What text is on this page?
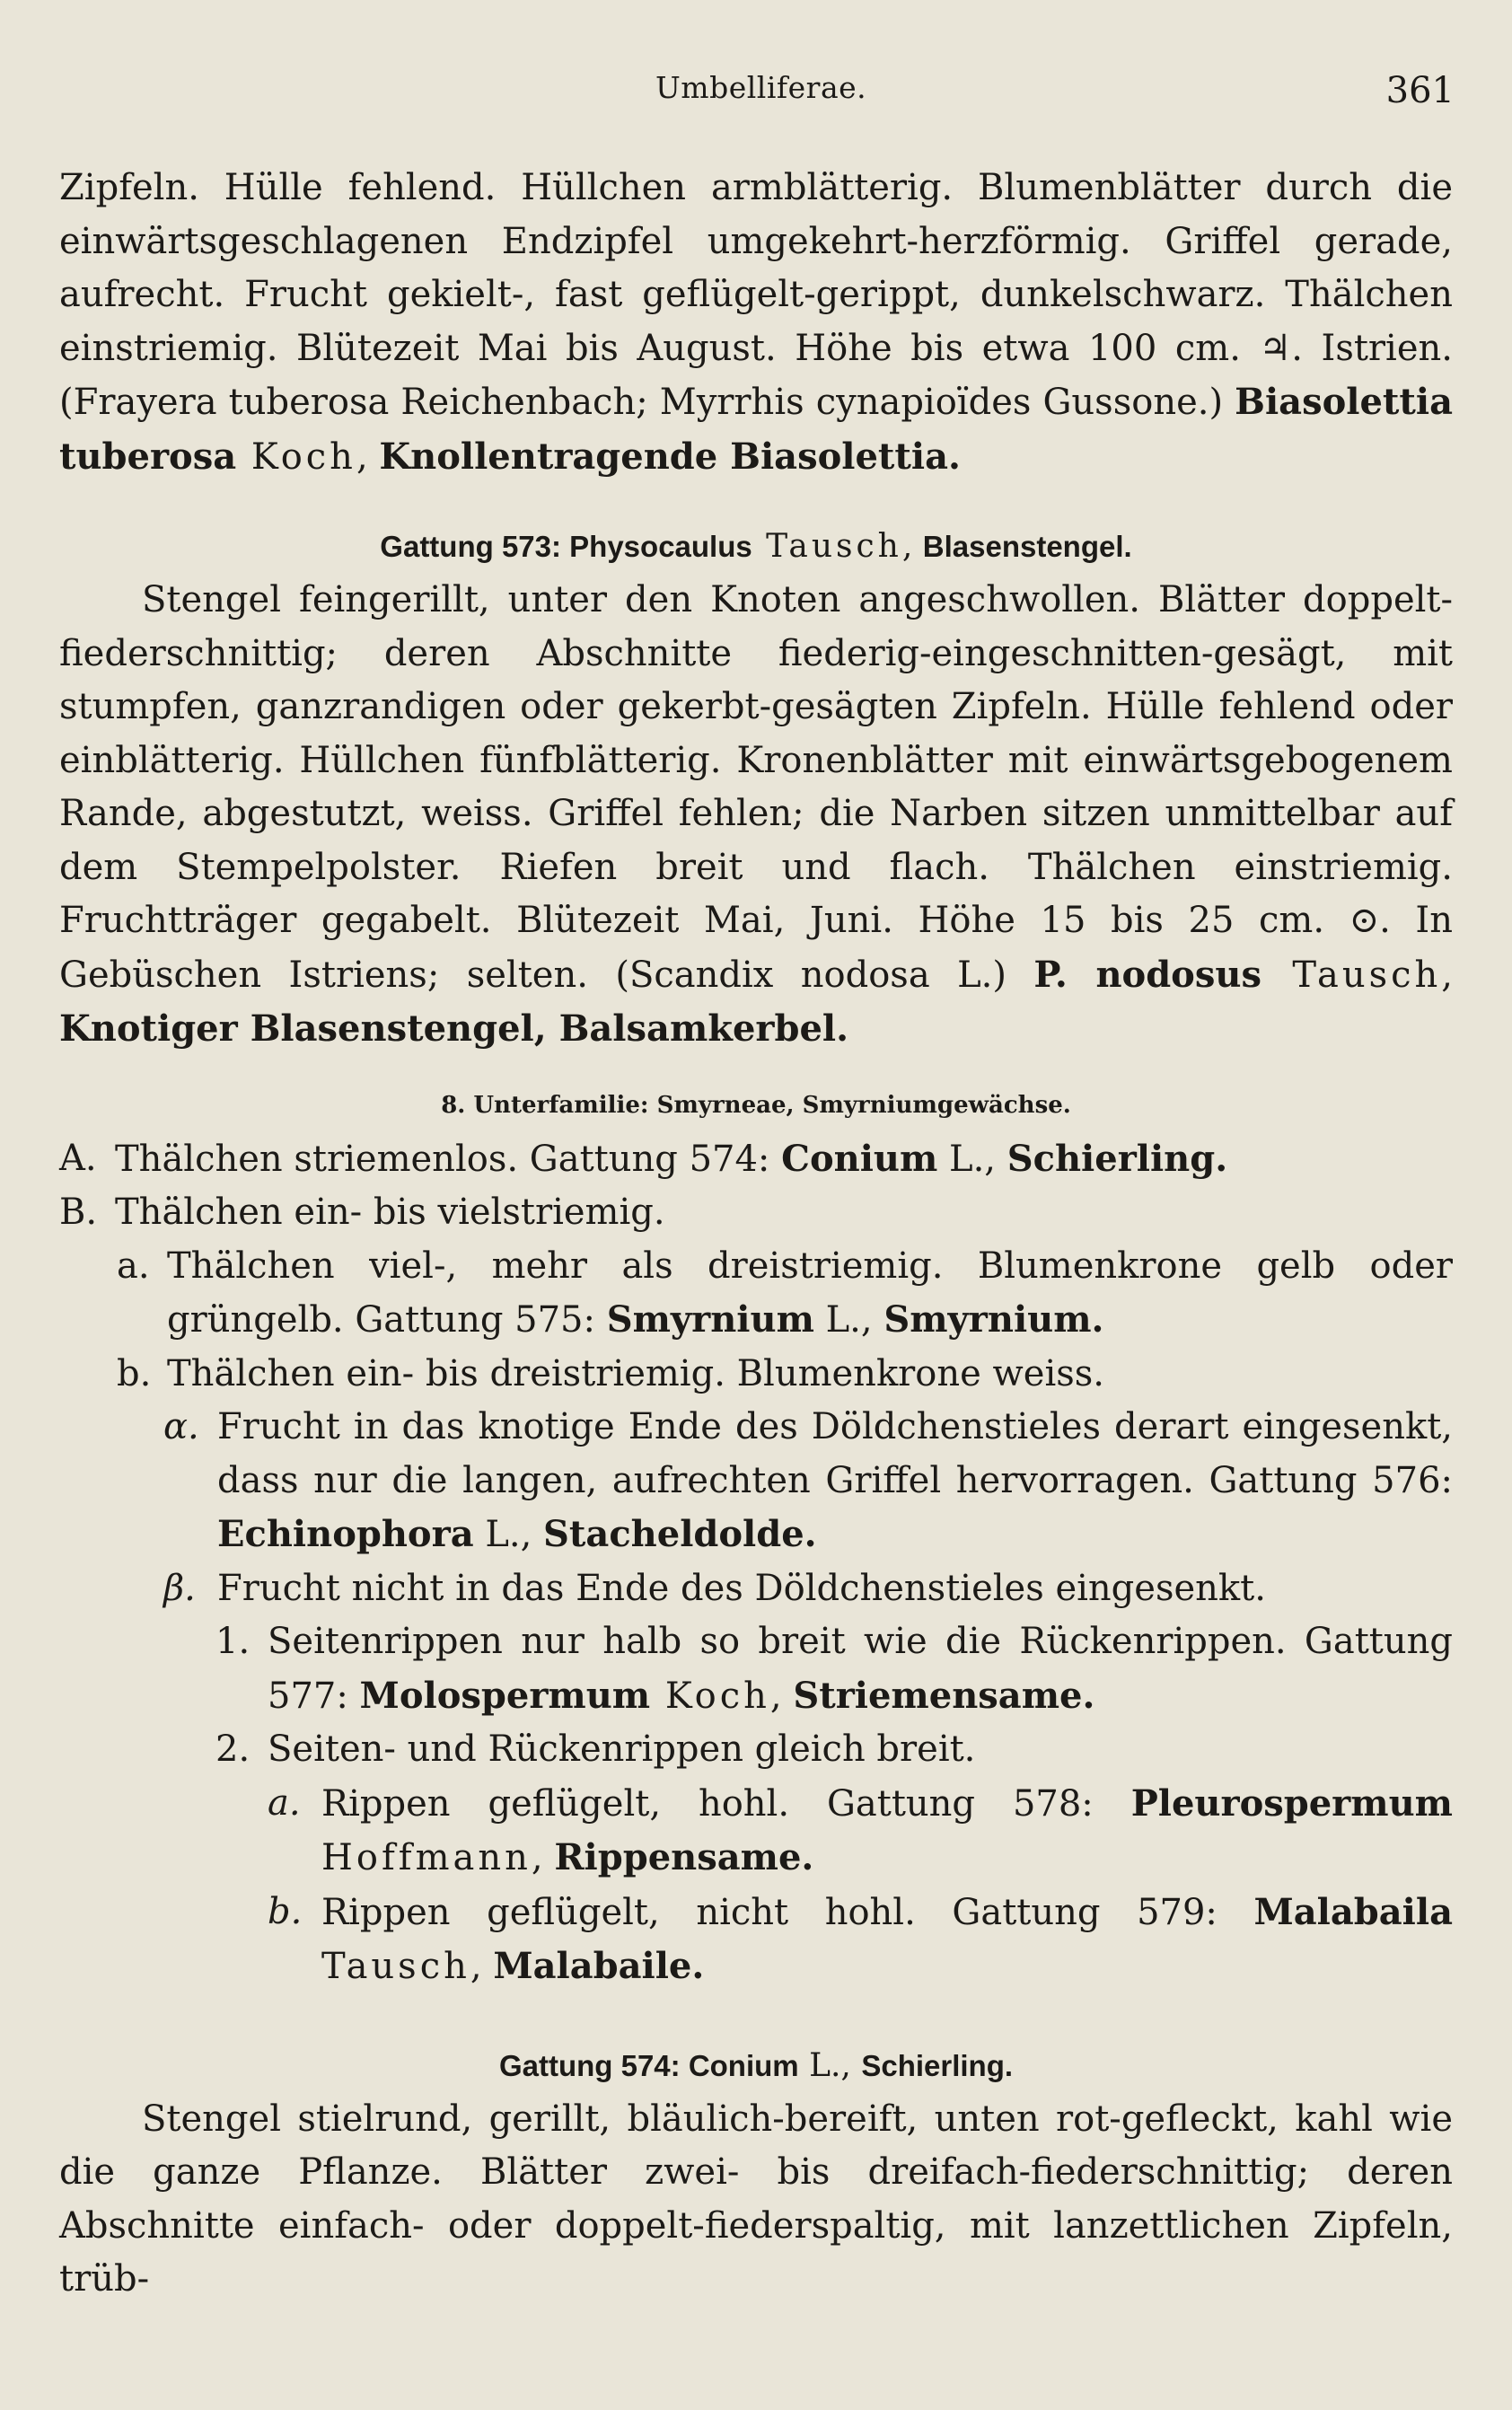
Umbelliferae.	361

Zipfeln. Hülle fehlend. Hüllchen armblätterig. Blumenblätter durch die einwärtsgeschlagenen Endzipfel umgekehrt-herzförmig. Griffel gerade, aufrecht. Frucht gekielt-, fast geflügelt-gerippt, dunkelschwarz. Thälchen einstriemig. Blütezeit Mai bis August. Höhe bis etwa 100 cm. ♃. Istrien. (Frayera tuberosa Reichenbach; Myrrhis cynapioïdes Gussone.) Biasolettia tuberosa Koch, Knollentragende Biasolettia.

Gattung 573: Physocaulus Tausch, Blasenstengel.

Stengel feingerillt, unter den Knoten angeschwollen. Blätter doppelt-fiederschnittig; deren Abschnitte fiederig-eingeschnitten-gesägt, mit stumpfen, ganzrandigen oder gekerbt-gesägten Zipfeln. Hülle fehlend oder einblätterig. Hüllchen fünfblätterig. Kronenblätter mit einwärtsgebogenem Rande, abgestutzt, weiss. Griffel fehlen; die Narben sitzen unmittelbar auf dem Stempelpolster. Riefen breit und flach. Thälchen einstriemig. Fruchtträger gegabelt. Blütezeit Mai, Juni. Höhe 15 bis 25 cm. ⊙. In Gebüschen Istriens; selten. (Scandix nodosa L.) P. nodosus Tausch, Knotiger Blasenstengel, Balsamkerbel.

8. Unterfamilie: Smyrneae, Smyrniumgewächse.

A. Thälchen striemenlos. Gattung 574: Conium L., Schierling.

B. Thälchen ein- bis vielstriemig.

a. Thälchen viel-, mehr als dreistriemig. Blumenkrone gelb oder grüngelb. Gattung 575: Smyrnium L., Smyrnium.

b. Thälchen ein- bis dreistriemig. Blumenkrone weiss.

α. Frucht in das knotige Ende des Döldchenstieles derart eingesenkt, dass nur die langen, aufrechten Griffel hervorragen. Gattung 576: Echinophora L., Stacheldolde.

β. Frucht nicht in das Ende des Döldchenstieles eingesenkt.

1. Seitenrippen nur halb so breit wie die Rückenrippen. Gattung 577: Molospermum Koch, Striemensame.

2. Seiten- und Rückenrippen gleich breit.

a. Rippen geflügelt, hohl. Gattung 578: Pleurospermum Hoffmann, Rippensame.

b. Rippen geflügelt, nicht hohl. Gattung 579: Malabaila Tausch, Malabaile.

Gattung 574: Conium L., Schierling.

Stengel stielrund, gerillt, bläulich-bereift, unten rot-gefleckt, kahl wie die ganze Pflanze. Blätter zwei- bis dreifach-fiederschnittig; deren Abschnitte einfach- oder doppelt-fiederspaltig, mit lanzettlichen Zipfeln, trüb-
